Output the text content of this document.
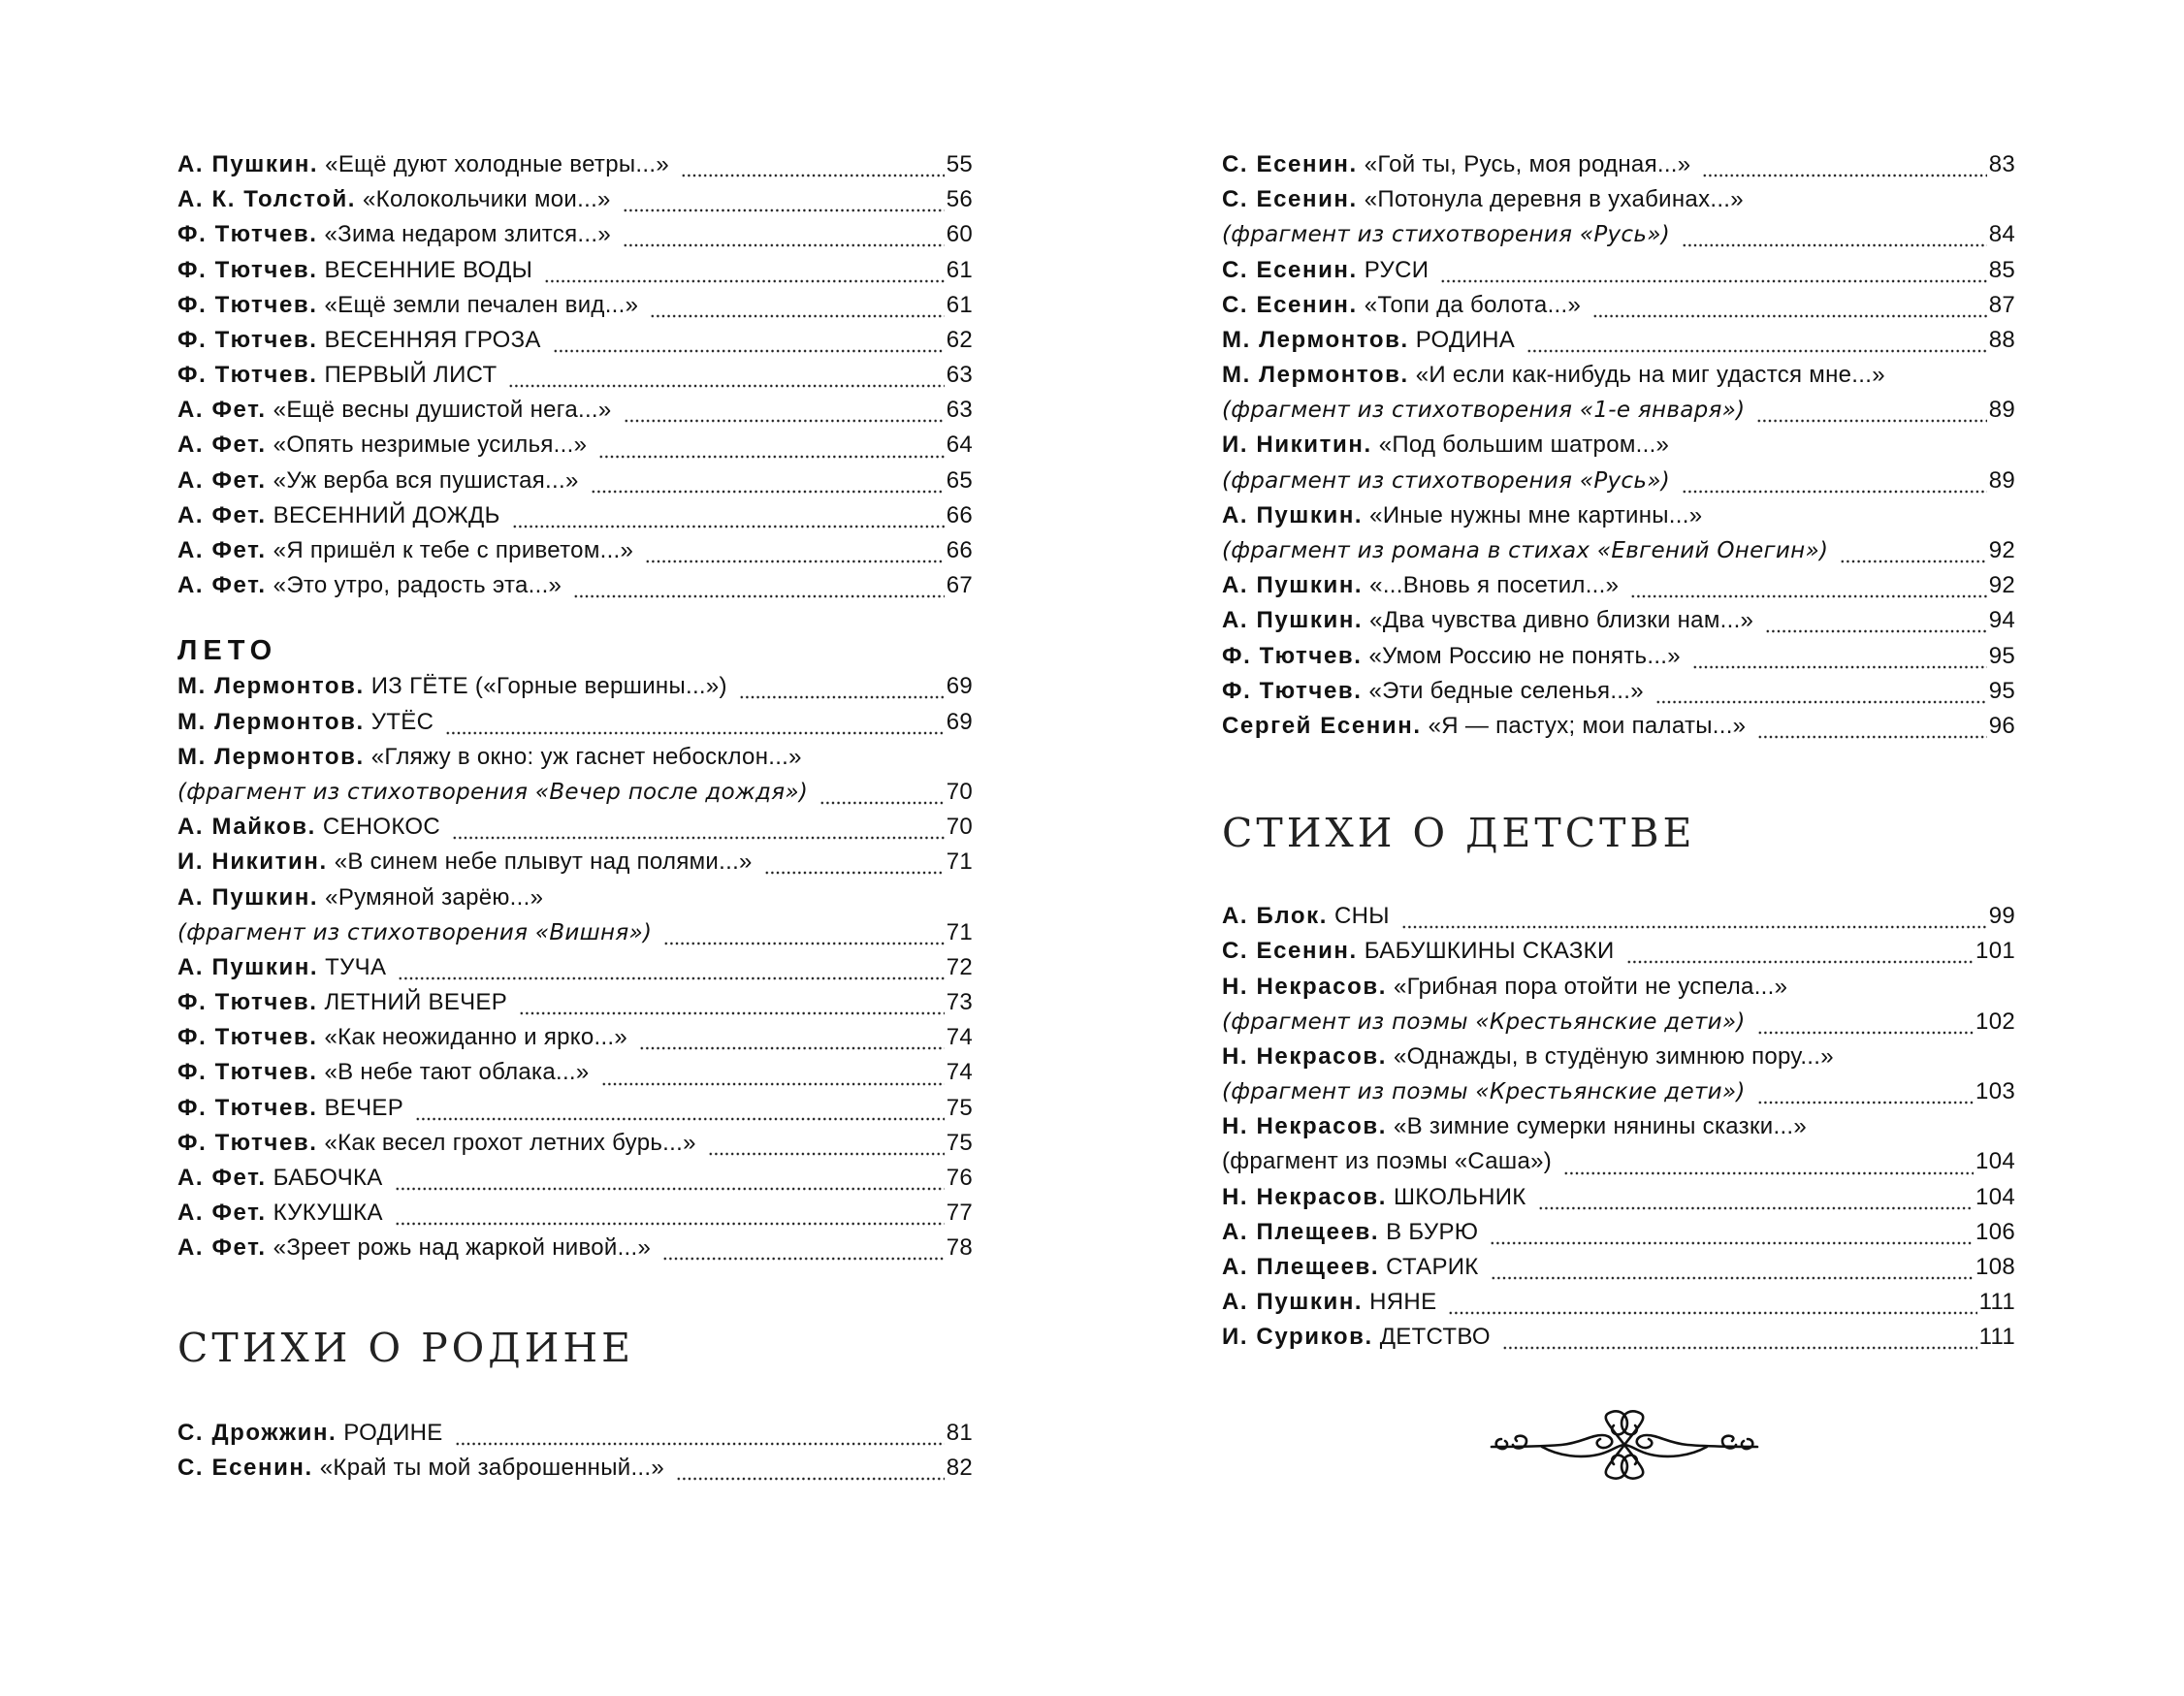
А. Пушкин. «Ещё дуют холодные ветры...»	55
А. К. Толстой. «Колокольчики мои...»	56
Ф. Тютчев. «Зима недаром злится...»	60
Ф. Тютчев. ВЕСЕННИЕ ВОДЫ	61
Ф. Тютчев. «Ещё земли печален вид...»	61
Ф. Тютчев. ВЕСЕННЯЯ ГРОЗА	62
Ф. Тютчев. ПЕРВЫЙ ЛИСТ	63
А. Фет. «Ещё весны душистой нега...»	63
А. Фет. «Опять незримые усилья...»	64
А. Фет. «Уж верба вся пушистая...»	65
А. Фет. ВЕСЕННИЙ ДОЖДЬ	66
А. Фет. «Я пришёл к тебе с приветом...»	66
А. Фет. «Это утро, радость эта...»	67
ЛЕТО
М. Лермонтов. ИЗ ГЁТЕ («Горные вершины...»)	69
М. Лермонтов. УТЁС	69
М. Лермонтов. «Гляжу в окно: уж гаснет небосклон...»
(фрагмент из стихотворения «Вечер после дождя»)	70
А. Майков. СЕНОКОС	70
И. Никитин. «В синем небе плывут над полями...»	71
А. Пушкин. «Румяной зарёю...»
(фрагмент из стихотворения «Вишня»)	71
А. Пушкин. ТУЧА	72
Ф. Тютчев. ЛЕТНИЙ ВЕЧЕР	73
Ф. Тютчев. «Как неожиданно и ярко...»	74
Ф. Тютчев. «В небе тают облака...»	74
Ф. Тютчев. ВЕЧЕР	75
Ф. Тютчев. «Как весел грохот летних бурь...»	75
А. Фет. БАБОЧКА	76
А. Фет. КУКУШКА	77
А. Фет. «Зреет рожь над жаркой нивой...»	78
СТИХИ О РОДИНЕ
С. Дрожжин. РОДИНЕ	81
С. Есенин. «Край ты мой заброшенный...»	82
С. Есенин. «Гой ты, Русь, моя родная...»	83
С. Есенин. «Потонула деревня в ухабинах...»
(фрагмент из стихотворения «Русь»)	84
С. Есенин. РУСИ	85
С. Есенин. «Топи да болота...»	87
М. Лермонтов. РОДИНА	88
М. Лермонтов. «И если как-нибудь на миг удастся мне...»
(фрагмент из стихотворения «1-е января»)	89
И. Никитин. «Под большим шатром...»
(фрагмент из стихотворения «Русь»)	89
А. Пушкин. «Иные нужны мне картины...»
(фрагмент из романа в стихах «Евгений Онегин»)	92
А. Пушкин. «...Вновь я посетил...»	92
А. Пушкин. «Два чувства дивно близки нам...»	94
Ф. Тютчев. «Умом Россию не понять...»	95
Ф. Тютчев. «Эти бедные селенья...»	95
Сергей Есенин. «Я — пастух; мои палаты...»	96
СТИХИ О ДЕТСТВЕ
А. Блок. СНЫ	99
С. Есенин. БАБУШКИНЫ СКАЗКИ	101
Н. Некрасов. «Грибная пора отойти не успела...»
(фрагмент из поэмы «Крестьянские дети»)	102
Н. Некрасов. «Однажды, в студёную зимнюю пору...»
(фрагмент из поэмы «Крестьянские дети»)	103
Н. Некрасов. «В зимние сумерки нянины сказки...»
(фрагмент из поэмы «Саша»)	104
Н. Некрасов. ШКОЛЬНИК	104
А. Плещеев. В БУРЮ	106
А. Плещеев. СТАРИК	108
А. Пушкин. НЯНЕ	111
И. Суриков. ДЕТСТВО	111
